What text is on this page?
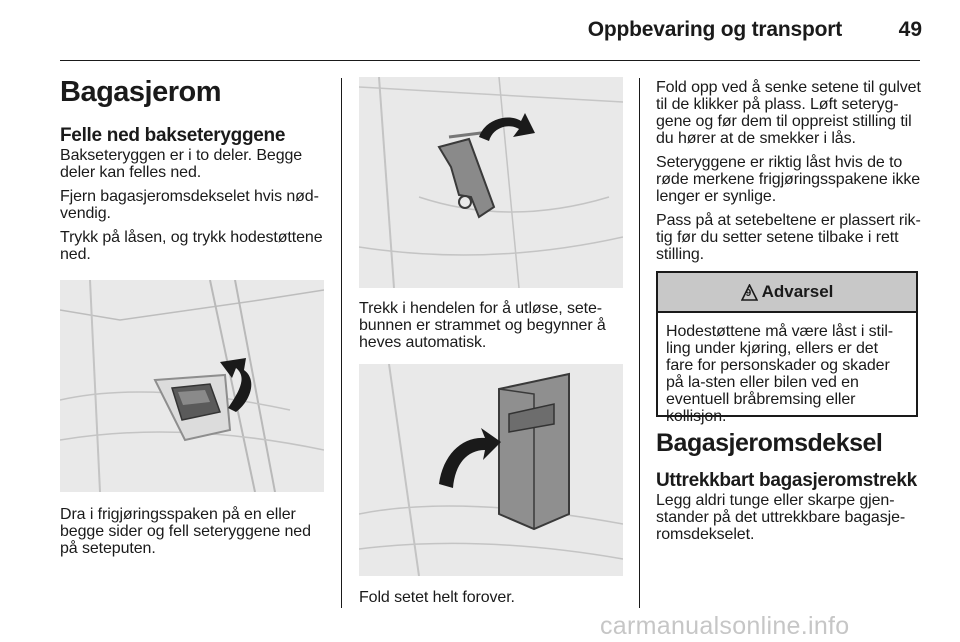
Oppbevaring og transport	49
Bagasjerom
Felle ned bakseteryggene

Bakseteryggen er i to deler. Begge deler kan felles ned.

Fjern bagasjeromsdekselet hvis nød-vendig.

Trykk på låsen, og trykk hodestøttene ned.

Dra i frigjøringsspaken på en eller begge sider og fell seteryggene ned på seteputen.

Trekk i hendelen for å utløse, sete-bunnen er strammet og begynner å heves automatisk.

Fold setet helt forover.

Fold opp ved å senke setene til gulvet til de klikker på plass. Løft seteryg-gene og før dem til oppreist stilling til du hører at de smekker i lås.

Seteryggene er riktig låst hvis de to røde merkene frigjøringsspakene ikke lenger er synlige.

Pass på at setebeltene er plassert rik-tig før du setter setene tilbake i rett stilling.

9 Advarsel

Hodestøttene må være låst i stil-ling under kjøring, ellers er det fare for personskader og skader på la-sten eller bilen ved en eventuell bråbremsing eller kollisjon.

Bagasjeromsdeksel
Uttrekkbart bagasjeromstrekk

Legg aldri tunge eller skarpe gjen-stander på det uttrekkbare bagasje-romsdekselet.

carmanualsonline.info
